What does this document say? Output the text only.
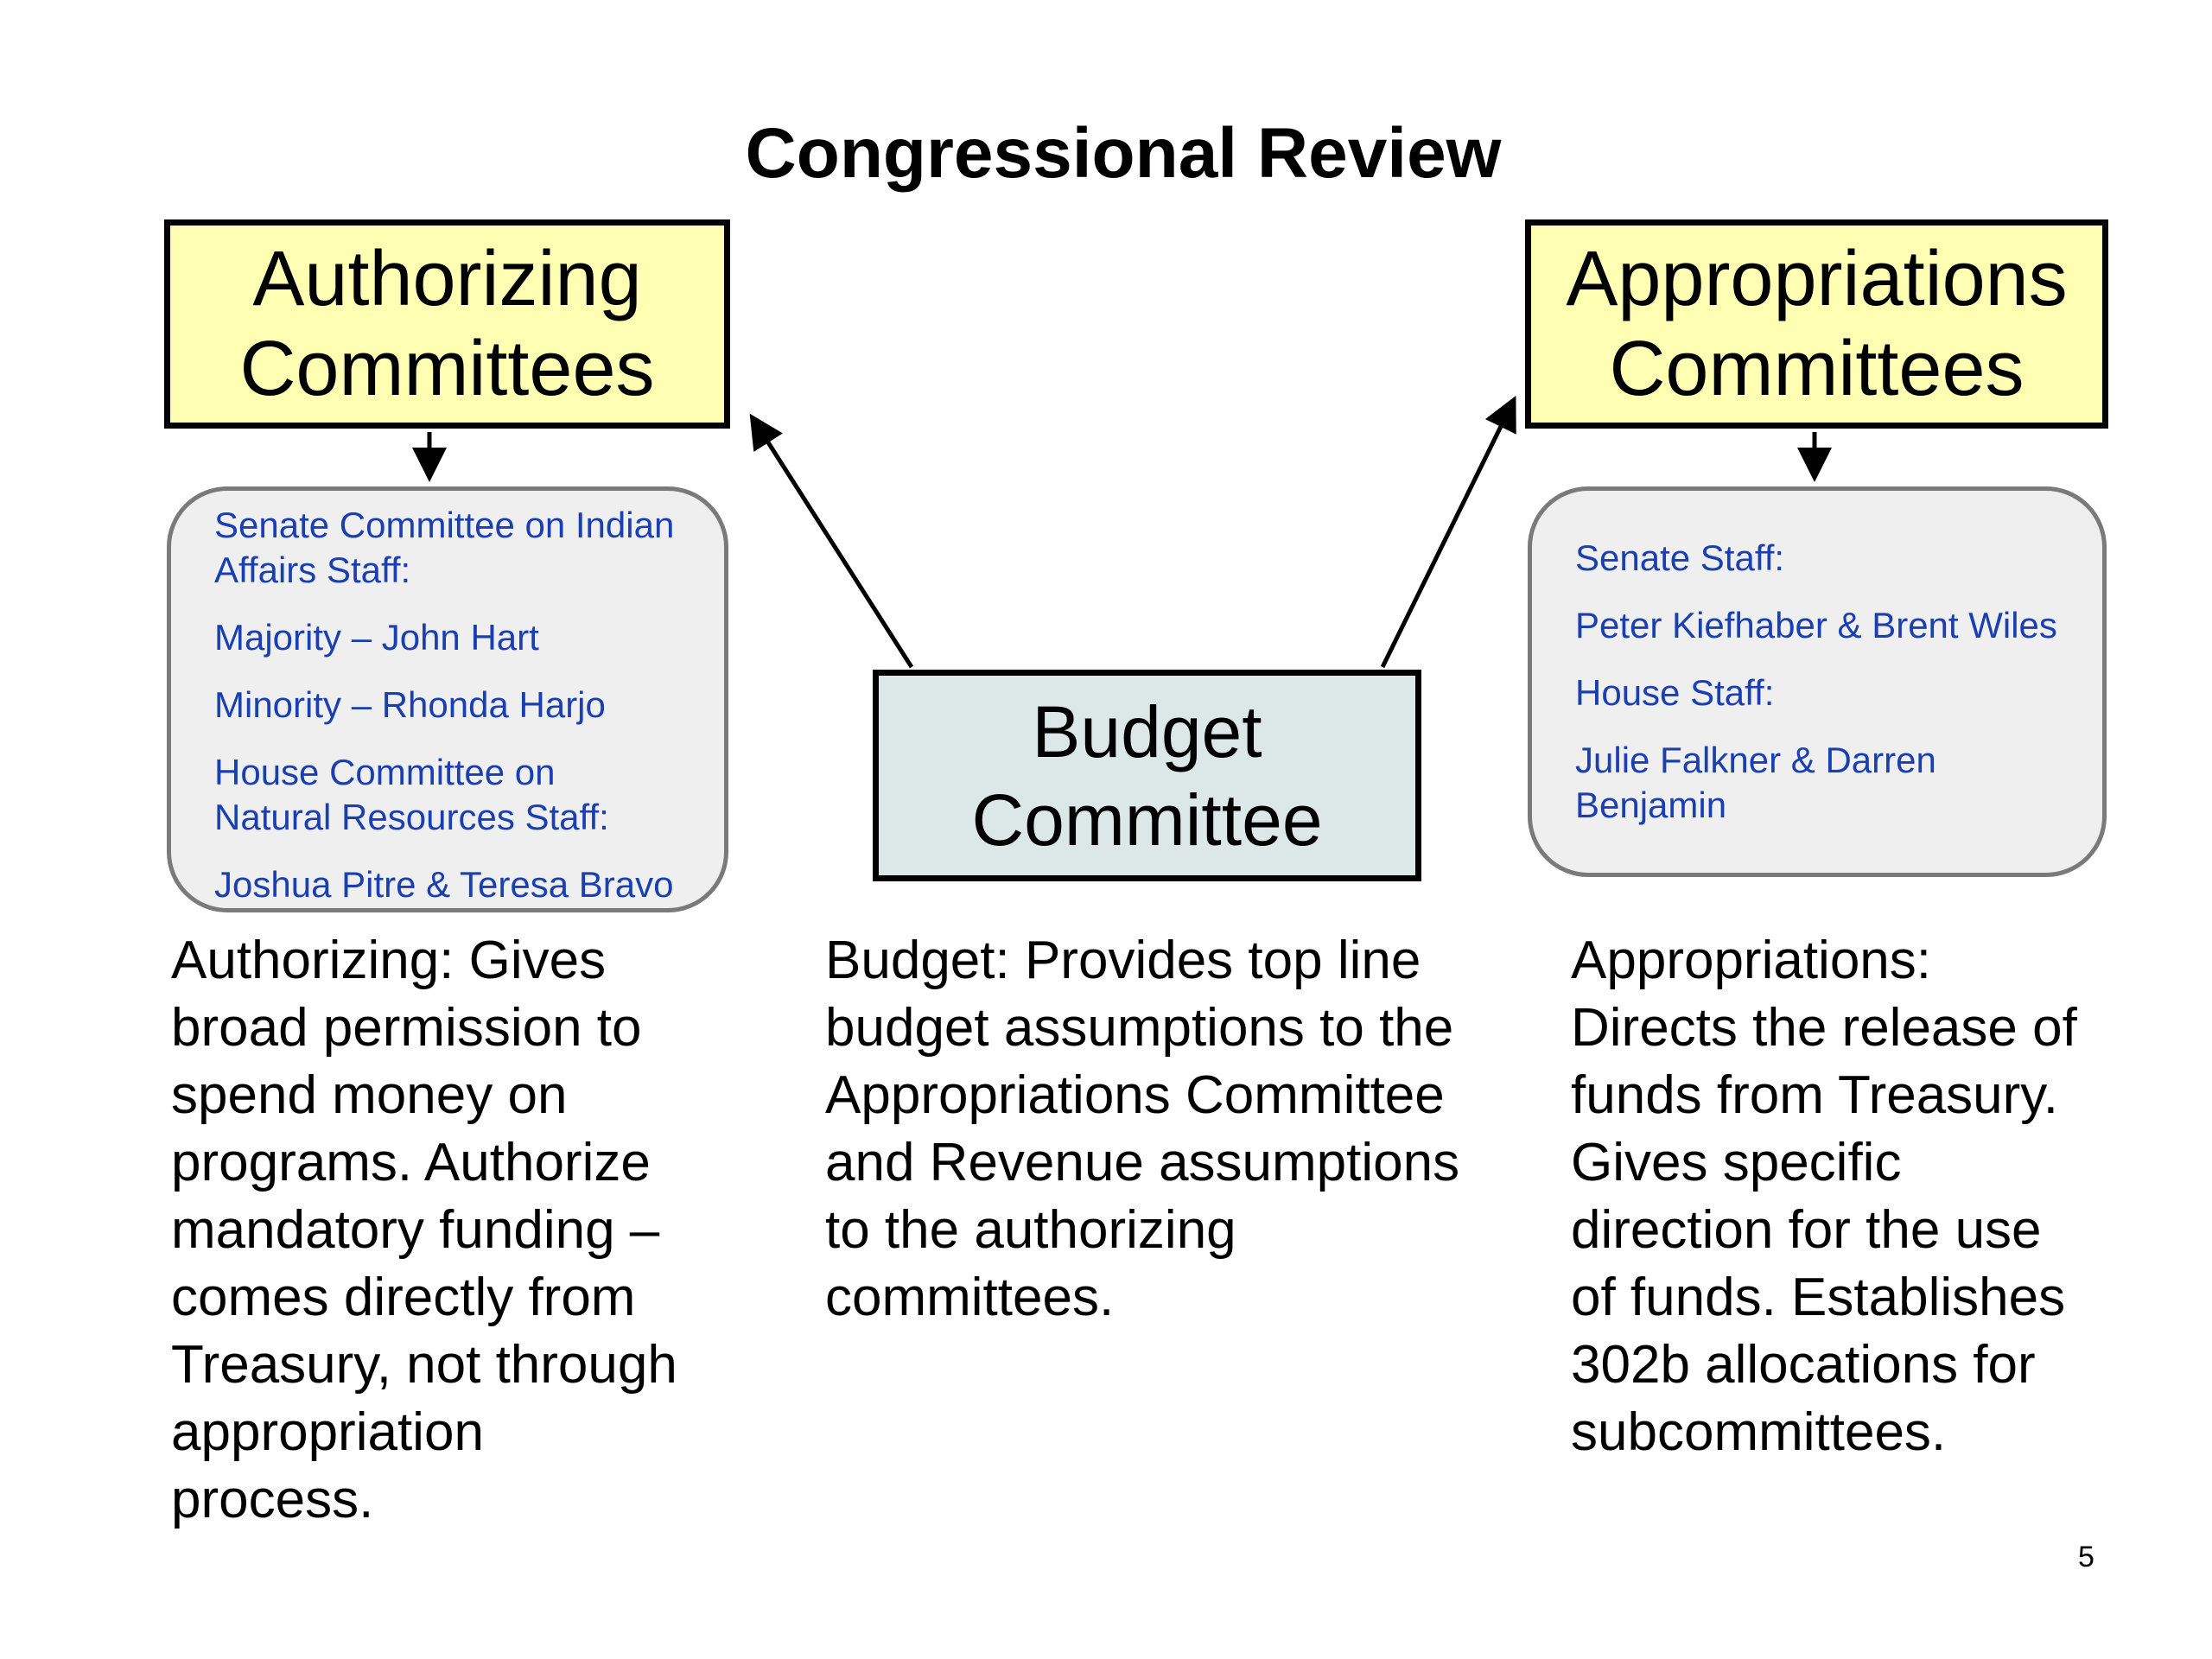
Congressional Review
Authorizing
Committees
Appropriations
Committees
Budget
Committee
Senate Committee on Indian
Affairs Staff:
Majority – John Hart
Minority – Rhonda Harjo
House Committee on
Natural Resources Staff:
Joshua Pitre & Teresa Bravo
Senate Staff:
Peter Kiefhaber & Brent Wiles
House Staff:
Julie Falkner & Darren
Benjamin
Authorizing: Gives
broad permission to
spend money on
programs. Authorize
mandatory funding –
comes directly from
Treasury, not through
appropriation
process.
Budget: Provides top line
budget assumptions to the
Appropriations Committee
and Revenue assumptions
to the authorizing
committees.
Appropriations:
Directs the release of
funds from Treasury.
Gives specific
direction for the use
of funds. Establishes
302b allocations for
subcommittees.
5
